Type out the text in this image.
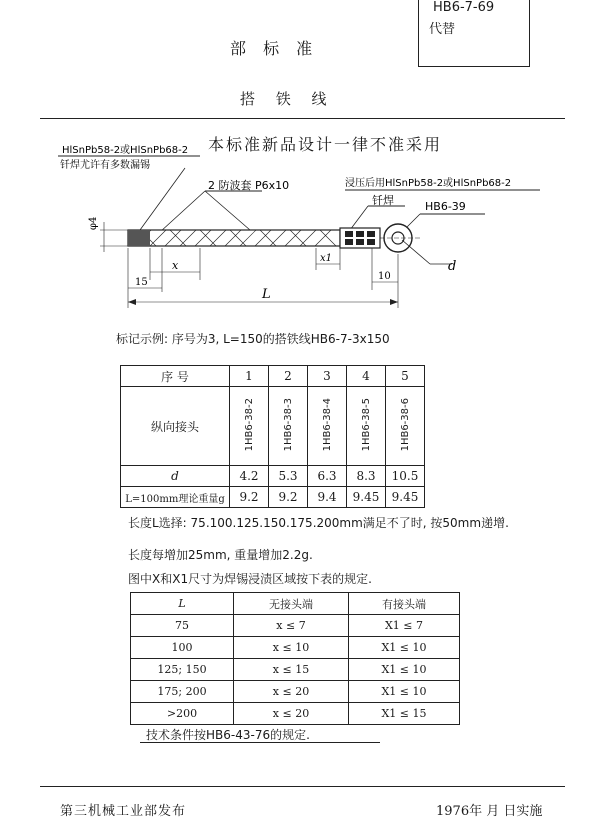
HB6-7-69
代替
部 标 准
搭 铁 线
本标准新品设计一律不准采用
HlSnPb58-2或HlSnPb68-2
钎焊尤许有多数漏锡
2 防波套 P6x10	浸压后用HlSnPb58-2或HlSnPb68-2
钎焊	HB6-39
d
φ4
x
x1
15
10
L
标记示例: 序号为3, L=150的搭铁线HB6-7-3x150
序 号	1	2	3	4	5
纵向接头	1HB6-38-2	1HB6-38-3	1HB6-38-4	1HB6-38-5	1HB6-38-6
d	4.2	5.3	6.3	8.3	10.5
L=100mm理论重量g	9.2	9.2	9.4	9.45	9.45
长度L选择: 75.100.125.150.175.200mm满足不了时, 按50mm递增.
长度每增加25mm, 重量增加2.2g.
图中X和X1尺寸为焊锡浸渍区域按下表的规定.
L	无接头端	有接头端
75	x ≤ 7	X1 ≤ 7
100	x ≤ 10	X1 ≤ 10
125; 150	x ≤ 15	X1 ≤ 10
175; 200	x ≤ 20	X1 ≤ 10
>200	x ≤ 20	X1 ≤ 15
技术条件按HB6-43-76的规定.
第三机械工业部发布	1976年 月 日实施
